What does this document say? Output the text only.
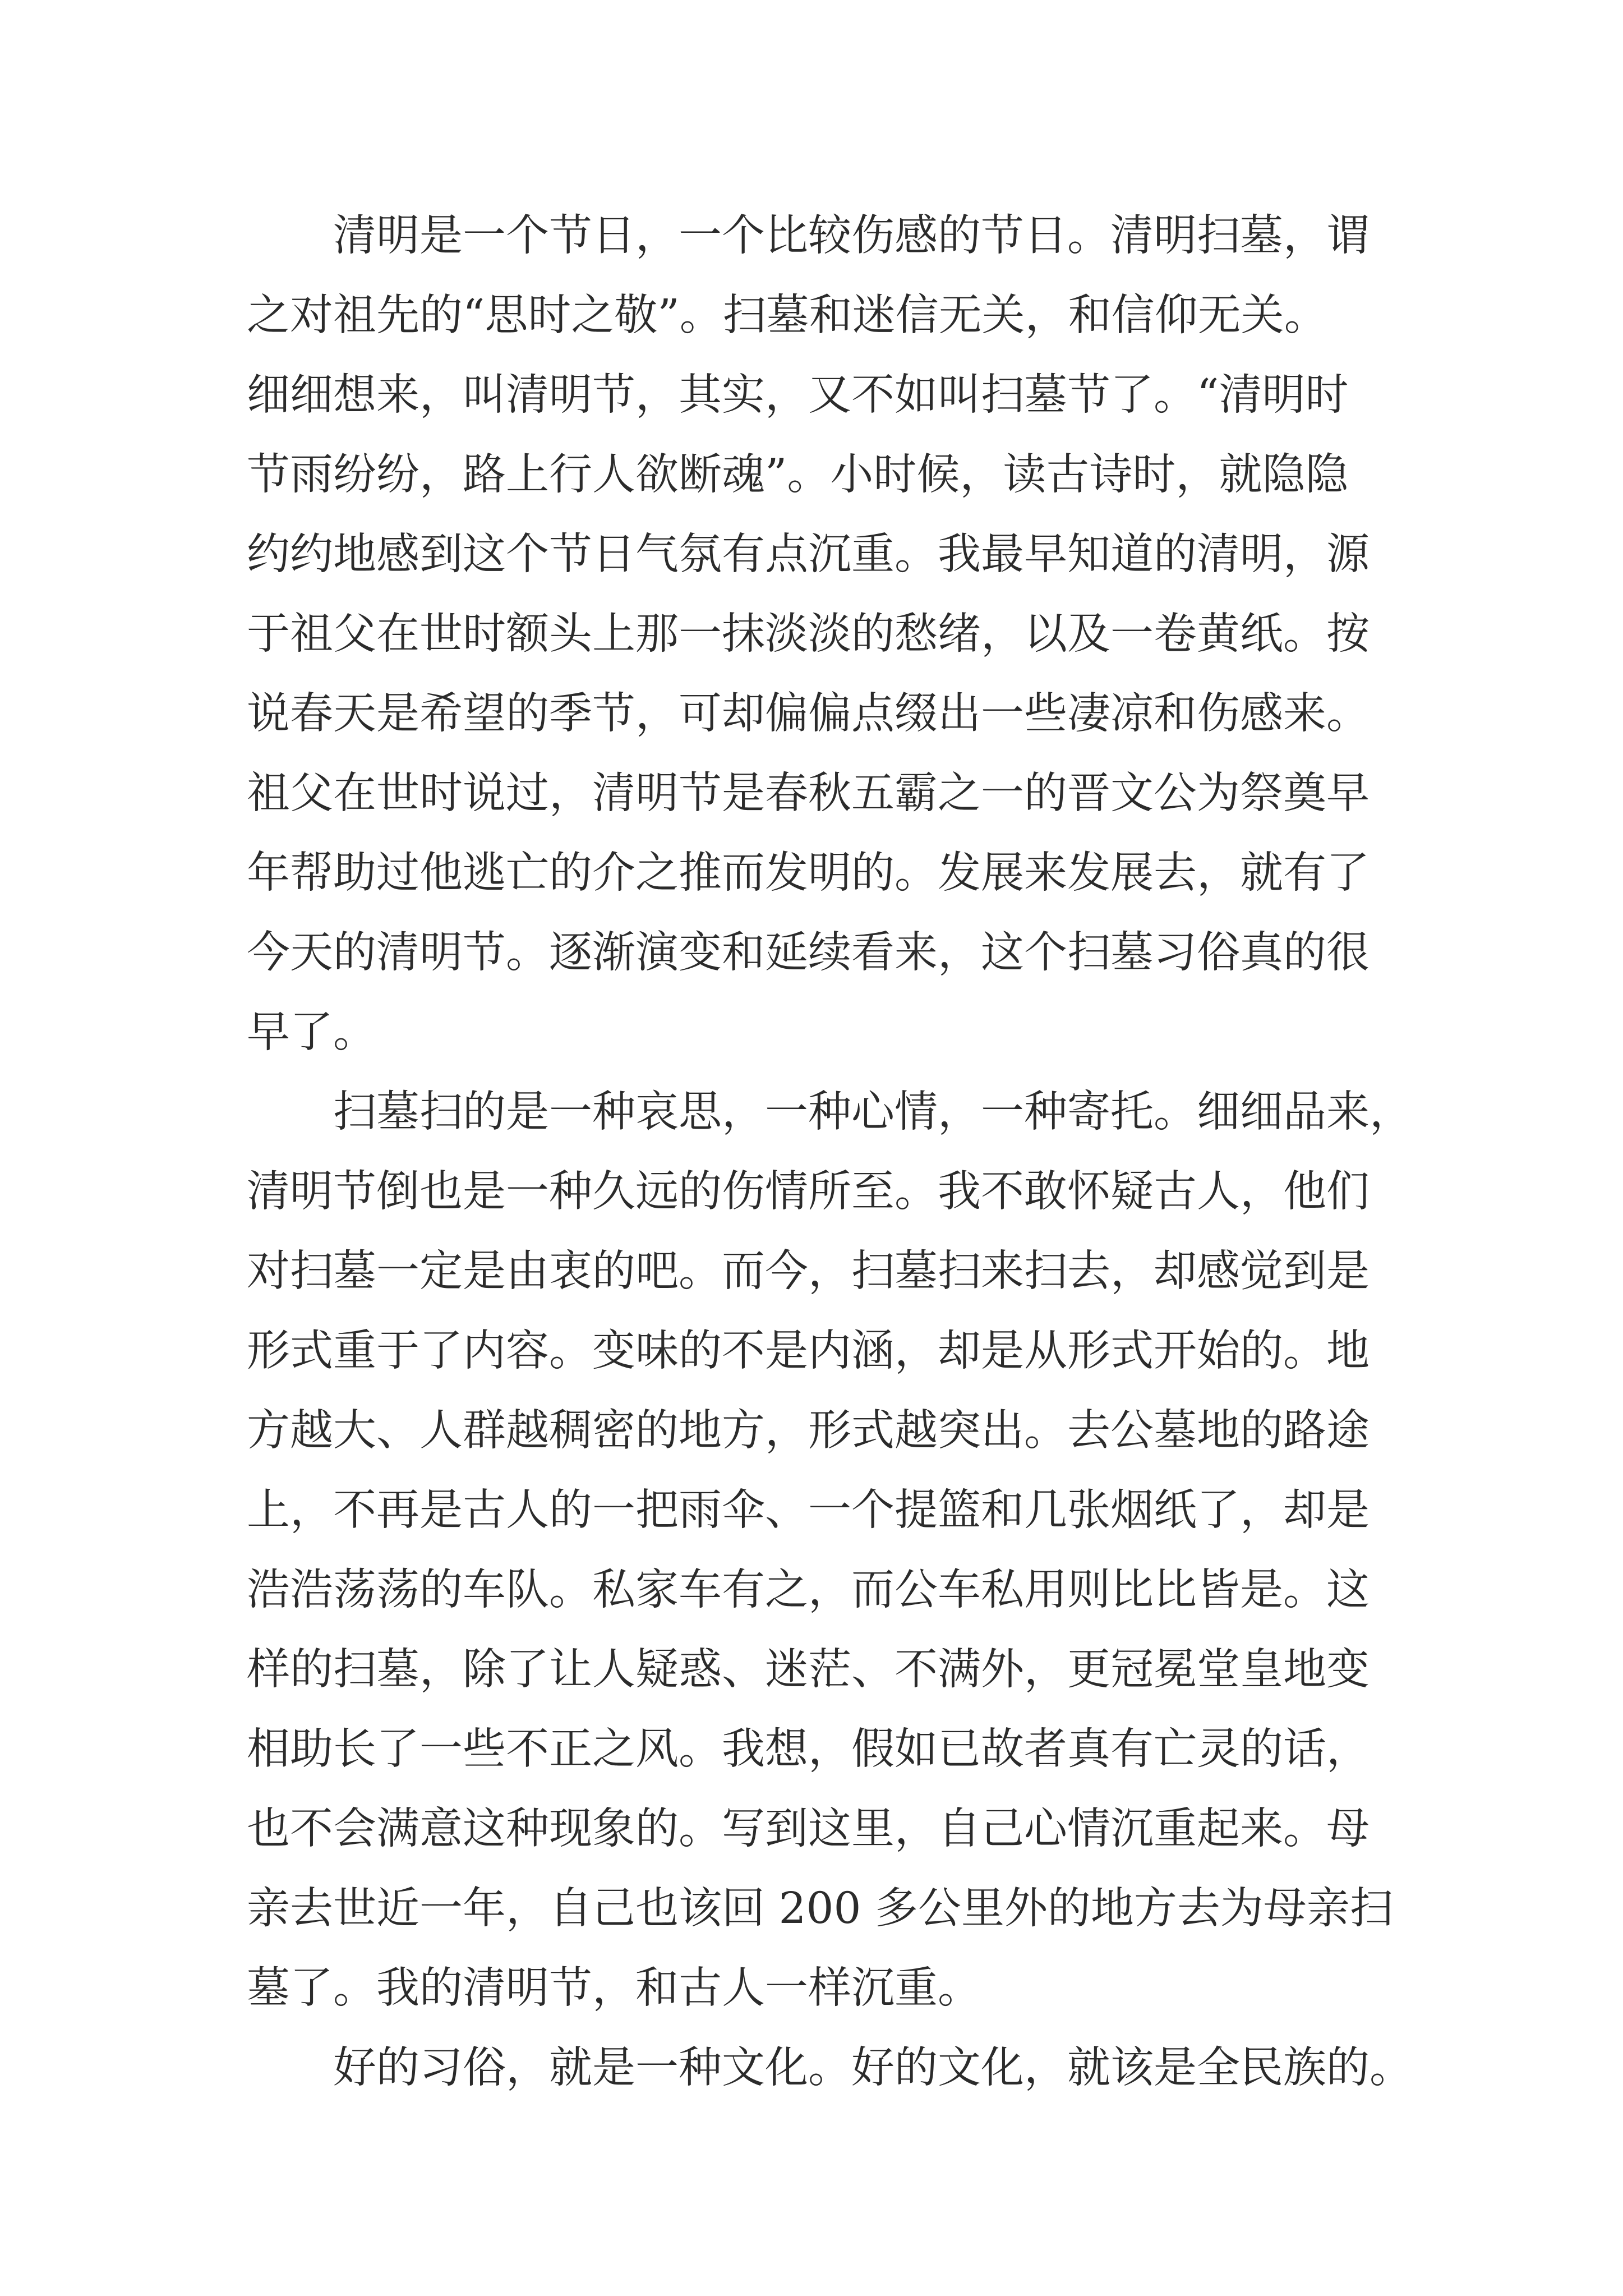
清明是一个节日，一个比较伤感的节日。清明扫墓，谓
之对祖先的“思时之敬”。扫墓和迷信无关，和信仰无关。
细细想来，叫清明节，其实，又不如叫扫墓节了。“清明时
节雨纷纷，路上行人欲断魂”。小时候，读古诗时，就隐隐
约约地感到这个节日气氛有点沉重。我最早知道的清明，源
于祖父在世时额头上那一抹淡淡的愁绪，以及一卷黄纸。按
说春天是希望的季节，可却偏偏点缀出一些凄凉和伤感来。
祖父在世时说过，清明节是春秋五霸之一的晋文公为祭奠早
年帮助过他逃亡的介之推而发明的。发展来发展去，就有了
今天的清明节。逐渐演变和延续看来，这个扫墓习俗真的很
早了。
扫墓扫的是一种哀思，一种心情，一种寄托。细细品来，
清明节倒也是一种久远的伤情所至。我不敢怀疑古人，他们
对扫墓一定是由衷的吧。而今，扫墓扫来扫去，却感觉到是
形式重于了内容。变味的不是内涵，却是从形式开始的。地
方越大、人群越稠密的地方，形式越突出。去公墓地的路途
上，不再是古人的一把雨伞、一个提篮和几张烟纸了，却是
浩浩荡荡的车队。私家车有之，而公车私用则比比皆是。这
样的扫墓，除了让人疑惑、迷茫、不满外，更冠冕堂皇地变
相助长了一些不正之风。我想，假如已故者真有亡灵的话，
也不会满意这种现象的。写到这里，自己心情沉重起来。母
亲去世近一年，自己也该回 200 多公里外的地方去为母亲扫
墓了。我的清明节，和古人一样沉重。
好的习俗，就是一种文化。好的文化，就该是全民族的。
